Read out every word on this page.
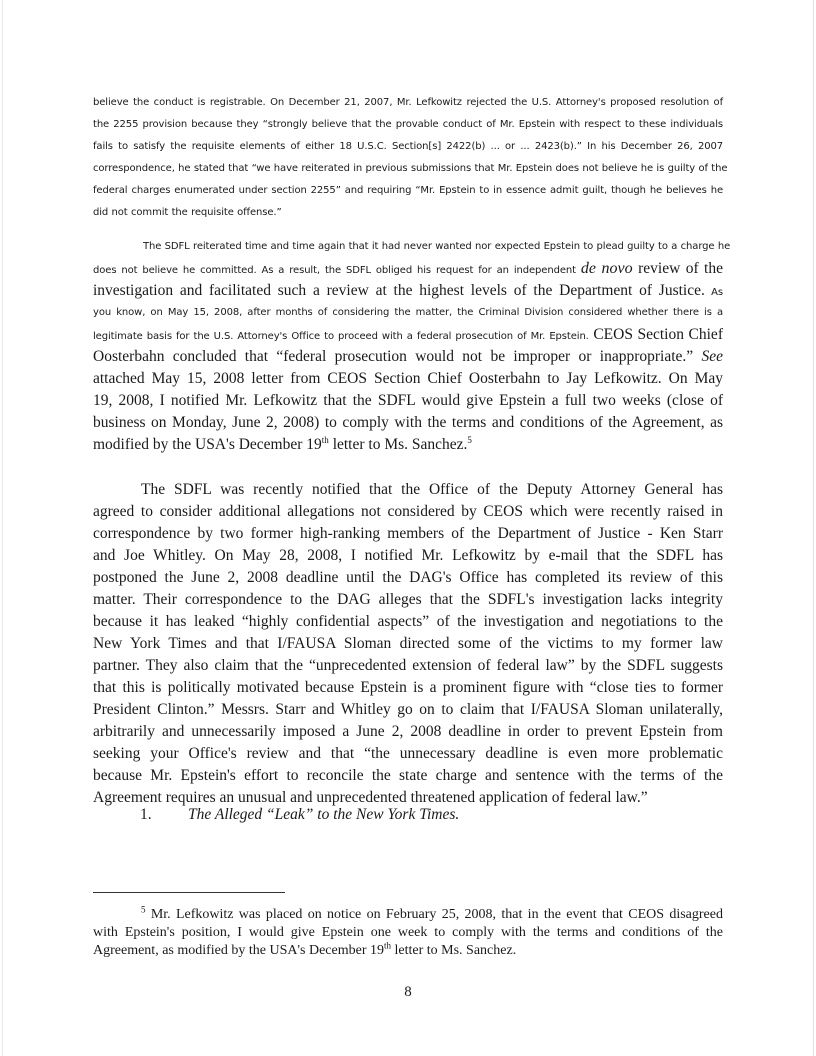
believe the conduct is registrable. On December 21, 2007, Mr. Lefkowitz rejected the U.S. Attorney's proposed resolution of
the 2255 provision because they “strongly believe that the provable conduct of Mr. Epstein with respect to these individuals
fails to satisfy the requisite elements of either 18 U.S.C. Section[s] 2422(b) ... or ... 2423(b).” In his December 26, 2007
correspondence, he stated that “we have reiterated in previous submissions that Mr. Epstein does not believe he is guilty of the
federal charges enumerated under section 2255” and requiring “Mr. Epstein to in essence admit guilt, though he believes he
did not commit the requisite offense.”
The SDFL reiterated time and time again that it had never wanted nor expected Epstein to plead guilty to a charge he
does not believe he committed. As a result, the SDFL obliged his request for an independent de novo review of the
investigation and facilitated such a review at the highest levels of the Department of Justice. As
you know, on May 15, 2008, after months of considering the matter, the Criminal Division considered whether there is a
legitimate basis for the U.S. Attorney's Office to proceed with a federal prosecution of Mr. Epstein. CEOS Section Chief
Oosterbahn concluded that “federal prosecution would not be improper or inappropriate.” See
attached May 15, 2008 letter from CEOS Section Chief Oosterbahn to Jay Lefkowitz. On May
19, 2008, I notified Mr. Lefkowitz that the SDFL would give Epstein a full two weeks (close of
business on Monday, June 2, 2008) to comply with the terms and conditions of the Agreement, as
modified by the USA's December 19th letter to Ms. Sanchez.$^5$
The SDFL was recently notified that the Office of the Deputy Attorney General has
agreed to consider additional allegations not considered by CEOS which were recently raised in
correspondence by two former high-ranking members of the Department of Justice - Ken Starr
and Joe Whitley. On May 28, 2008, I notified Mr. Lefkowitz by e-mail that the SDFL has
postponed the June 2, 2008 deadline until the DAG's Office has completed its review of this
matter. Their correspondence to the DAG alleges that the SDFL's investigation lacks integrity
because it has leaked “highly confidential aspects” of the investigation and negotiations to the
New York Times and that I/FAUSA Sloman directed some of the victims to my former law
partner. They also claim that the “unprecedented extension of federal law” by the SDFL suggests
that this is politically motivated because Epstein is a prominent figure with “close ties to former
President Clinton.” Messrs. Starr and Whitley go on to claim that I/FAUSA Sloman unilaterally,
arbitrarily and unnecessarily imposed a June 2, 2008 deadline in order to prevent Epstein from
seeking your Office's review and that “the unnecessary deadline is even more problematic
because Mr. Epstein's effort to reconcile the state charge and sentence with the terms of the
Agreement requires an unusual and unprecedented threatened application of federal law.”
1. The Alleged “Leak” to the New York Times.
$^5$ Mr. Lefkowitz was placed on notice on February 25, 2008, that in the event that CEOS disagreed
with Epstein's position, I would give Epstein one week to comply with the terms and conditions of the
Agreement, as modified by the USA's December 19th letter to Ms. Sanchez.
8
